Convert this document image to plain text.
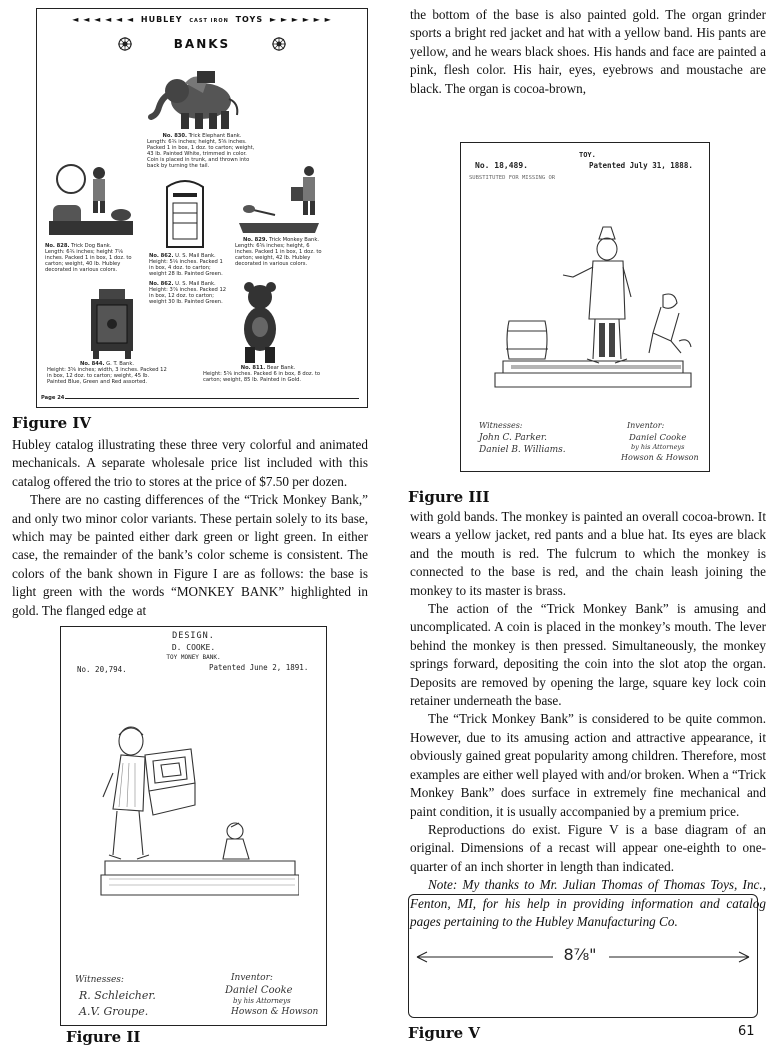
◄ ◄ ◄ ◄ ◄ ◄ HUBLEY CAST IRON TOYS ► ► ► ► ► ►
BANKS
No. 830. Trick Elephant Bank.
Length: 6¾ inches; height, 5⅝ inches. Packed 1 in box, 1 doz. to carton; weight, 43 lb. Painted White, trimmed in color. Coin is placed in trunk, and thrown into back by turning the tail.
No. 828. Trick Dog Bank.
Length: 6¾ inches; height 7⅛ inches. Packed 1 in box, 1 doz. to carton; weight, 40 lb. Hubley decorated in various colors.
No. 862. U. S. Mail Bank.
Height: 5⅛ inches. Packed 1 in box, 4 doz. to carton; weight 28 lb. Painted Green.
No. 862. U. S. Mail Bank.
Height: 3⅞ inches. Packed 12 in box, 12 doz. to carton; weight 30 lb. Painted Green.
No. 829. Trick Monkey Bank.
Length: 6⅝ inches; height, 6 inches. Packed 1 in box, 1 doz. to carton; weight, 42 lb. Hubley decorated in various colors.
No. 844. G. T. Bank.
Height: 3⅝ inches; width, 3 inches. Packed 12 in box, 12 doz. to carton; weight, 45 lb. Painted Blue, Green and Red assorted.
No. 811. Bear Bank.
Height: 5⅝ inches. Packed 6 in box, 8 doz. to carton; weight, 85 lb. Painted in Gold.
Page 24
Figure IV

Hubley catalog illustrating these three very colorful and animated mechanicals. A separate wholesale price list included with this catalog offered the trio to stores at the price of $7.50 per dozen.

There are no casting differences of the “Trick Monkey Bank,” and only two minor color variants. These pertain solely to its base, which may be painted either dark green or light green. In either case, the remainder of the bank’s color scheme is consistent. The colors of the bank shown in Figure I are as follows: the base is light green with the words “MONKEY BANK” highlighted in gold. The flanged edge at

DESIGN.
D. COOKE.
TOY MONEY BANK.
No. 20,794.	Patented June 2, 1891.
Witnesses:
R. Schleicher.
A.V. Groupe.
Inventor:
Daniel Cooke
by his Attorneys
Howson & Howson
Figure II

the bottom of the base is also painted gold. The organ grinder sports a bright red jacket and hat with a yellow band. His pants are yellow, and he wears black shoes. His hands and face are painted a pink, flesh color. His hair, eyes, eyebrows and moustache are black. The organ is cocoa-brown,

TOY.
No. 18,489.	Patented July 31, 1888.
SUBSTITUTED FOR MISSING OR
Witnesses:
John C. Parker.
Daniel B. Williams.
Inventor:
Daniel Cooke
by his Attorneys
Howson & Howson
Figure III

with gold bands. The monkey is painted an overall cocoa-brown. It wears a yellow jacket, red pants and a blue hat. Its eyes are black and the mouth is red. The fulcrum to which the monkey is connected to the base is red, and the chain leash joining the monkey to its master is brass.

The action of the “Trick Monkey Bank” is amusing and uncomplicated. A coin is placed in the monkey’s mouth. The lever behind the monkey is then pressed. Simultaneously, the monkey springs forward, depositing the coin into the slot atop the organ. Deposits are removed by opening the large, square key lock coin retainer underneath the base.

The “Trick Monkey Bank” is considered to be quite common. However, due to its amusing action and attractive appearance, it obviously gained great popularity among children. Therefore, most examples are either well played with and/or broken. When a “Trick Monkey Bank” does surface in extremely fine mechanical and paint condition, it is usually accompanied by a premium price.

Reproductions do exist. Figure V is a base diagram of an original. Dimensions of a recast will appear one-eighth to one-quarter of an inch shorter in length than indicated.

Note: My thanks to Mr. Julian Thomas of Thomas Toys, Inc., Fenton, MI, for his help in providing information and catalog pages pertaining to the Hubley Manufacturing Co.

8⅞"
Figure V	61
